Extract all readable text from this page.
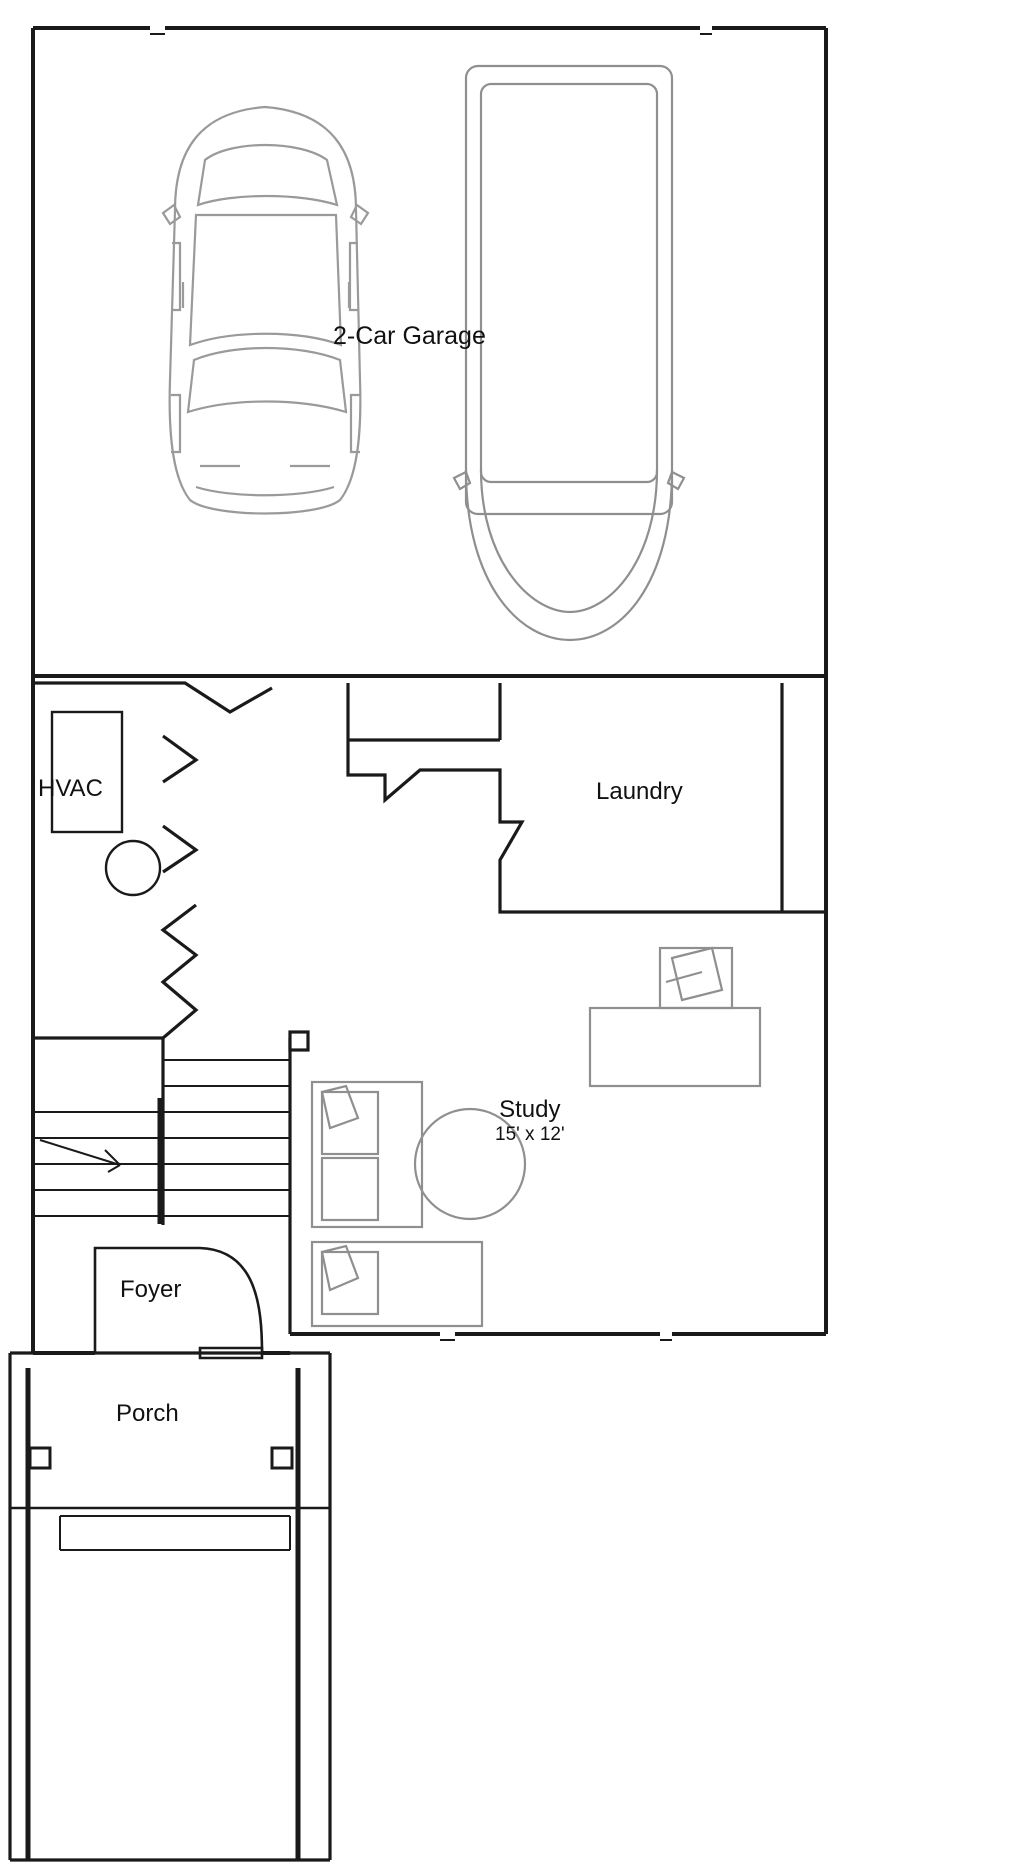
2-Car Garage
HVAC	Laundry
Study
15' x 12'
Foyer
Porch
